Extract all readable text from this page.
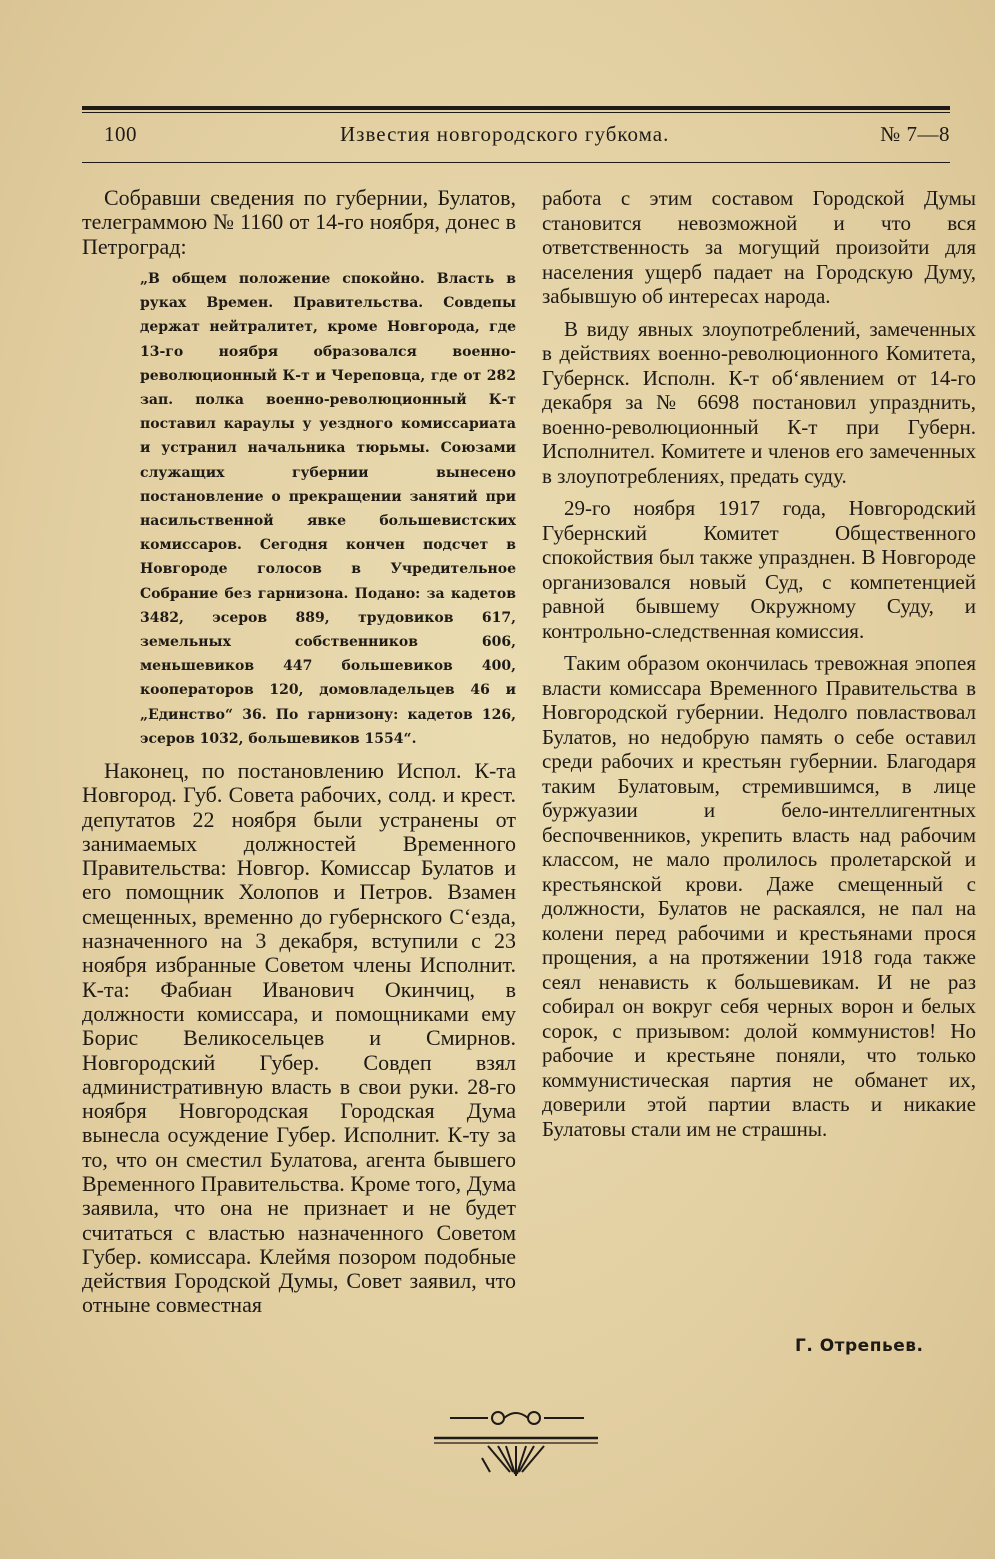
100	Известия новгородского губкома.	№ 7—8

Собравши сведения по губернии, Булатов, телеграммою № 1160 от 14-го ноября, донес в Петроград:

„В общем положение спокойно. Власть в руках Времен. Правительства. Совдепы держат нейтралитет, кроме Новгорода, где 13-го ноября образовался военно-революционный К-т и Череповца, где от 282 зап. полка военно-революционный К-т поставил караулы у уездного комиссариата и устранил начальника тюрьмы. Союзами служащих губернии вынесено постановление о прекращении занятий при насильственной явке большевистских комиссаров. Сегодня кончен подсчет в Новгороде голосов в Учредительное Собрание без гарнизона. Подано: за кадетов 3482, эсеров 889, трудовиков 617, земельных собственников 606, меньшевиков 447 большевиков 400, кооператоров 120, домовладельцев 46 и „Единство“ 36. По гарнизону: кадетов 126, эсеров 1032, большевиков 1554“.

Наконец, по постановлению Испол. К-та Новгород. Губ. Совета рабочих, солд. и крест. депутатов 22 ноября были устранены от занимаемых должностей Временного Правительства: Новгор. Комиссар Булатов и его помощник Холопов и Петров. Взамен смещенных, временно до губернского С‘езда, назначенного на 3 декабря, вступили с 23 ноября избранные Советом члены Исполнит. К-та: Фабиан Иванович Окинчиц, в должности комиссара, и помощниками ему Борис Великосельцев и Смирнов. Новгородский Губер. Совдеп взял административную власть в свои руки. 28-го ноября Новгородская Городская Дума вынесла осуждение Губер. Исполнит. К-ту за то, что он сместил Булатова, агента бывшего Временного Правительства. Кроме того, Дума заявила, что она не признает и не будет считаться с властью назначенного Советом Губер. комиссара. Клеймя позором подобные действия Городской Думы, Совет заявил, что отныне совместная

работа с этим составом Городской Думы становится невозможной и что вся ответственность за могущий произойти для населения ущерб падает на Городскую Думу, забывшую об интересах народа.

В виду явных злоупотреблений, замеченных в действиях военно-революционного Комитета, Губернск. Исполн. К-т об‘явлением от 14-го декабря за № 6698 постановил упразднить, военно-революционный К-т при Губерн. Исполнител. Комитете и членов его замеченных в злоупотреблениях, предать суду.

29-го ноября 1917 года, Новгородский Губернский Комитет Общественного спокойствия был также упразднен. В Новгороде организовался новый Суд, с компетенцией равной бывшему Окружному Суду, и контрольно-следственная комиссия.

Таким образом окончилась тревожная эпопея власти комиссара Временного Правительства в Новгородской губернии. Недолго повластвовал Булатов, но недобрую память о себе оставил среди рабочих и крестьян губернии. Благодаря таким Булатовым, стремившимся, в лице буржуазии и бело-интеллигентных беспочвенников, укрепить власть над рабочим классом, не мало пролилось пролетарской и крестьянской крови. Даже смещенный с должности, Булатов не раскаялся, не пал на колени перед рабочими и крестьянами прося прощения, а на протяжении 1918 года также сеял ненависть к большевикам. И не раз собирал он вокруг себя черных ворон и белых сорок, с призывом: долой коммунистов! Но рабочие и крестьяне поняли, что только коммунистическая партия не обманет их, доверили этой партии власть и никакие Булатовы стали им не страшны.

Г. Отрепьев.
